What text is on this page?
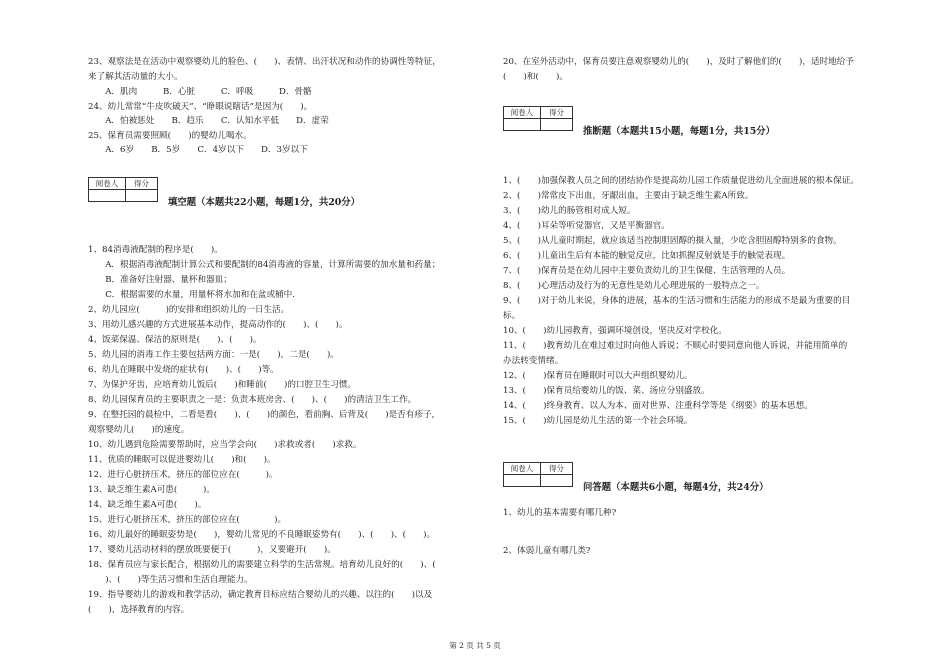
23、观察法是在活动中观察婴幼儿的脸色、(　　)、表情、出汗状况和动作的协调性等特征，
来了解其活动量的大小。
　　A．肌肉　　　B．心脏　　　C．呼吸　　　D．骨骼
24、幼儿常常“牛皮吹破天”、“睁眼说瞎话”是因为(　　)。
　　A．怕被惩处　　B．趋乐　　C．认知水平低　　D．虚荣
25、保育员需要照顾(　　)的婴幼儿喝水。
　　A．6岁　　B．5岁　　C．4岁以下　　D．3岁以下
阅卷人	得分
填空题（本题共22小题，每题1分，共20分）
1、84消毒液配制的程序是(　　)。
　　A．根据消毒液配制计算公式和要配制的84消毒液的容量，计算所需要的加水量和药量；
　　B．准备好注射器、量杯和器皿；
　　C．根据需要的水量，用量杯将水加和在盆或桶中.
2、幼儿园应(　　　)的安排和组织幼儿的一日生活。
3、用幼儿感兴趣的方式进展基本动作，提高动作的(　　)、(　　)。
4、饭菜保温、保洁的原则是(　　)、(　　)。
5、幼儿园的消毒工作主要包括两方面：一是(　　)，二是(　　)。
6、幼儿在睡眠中发烧的症状有(　　)、(　　)等。
7、为保护牙齿，应培育幼儿饭后(　　)和睡前(　　)的口腔卫生习惯。
8、幼儿园保育员的主要职责之一是：负责本班房舍、(　　)、(　　)的清洁卫生工作。
9、在整托园的晨检中，二看是看(　　)、(　　)的颜色，看前胸、后背及(　　)是否有疹子，
观察婴幼儿(　　)的速度。
10、幼儿遇到危险需要帮助时，应当学会向(　　)求救或者(　　)求救。
11、优质的睡眠可以促进婴幼儿(　　)和(　　)。
12、进行心脏挤压术，挤压的部位应在(　　　)。
13、缺乏维生素A可患(　　　)。
14、缺乏维生素A可患(　　)。
15、进行心脏挤压术，挤压的部位应在(　　　　)。
16、幼儿最好的睡眠姿势是(　　)，婴幼儿常见的不良睡眠姿势有(　　)、(　　)、(　　)。
17、婴幼儿活动材料的摆放既要便于(　　　)，又要避开(　　)。
18、保育员应与家长配合，根据幼儿的需要建立科学的生活常规。培育幼儿良好的(　　)、(
　　)、(　　)等生活习惯和生活自理能力。
19、指导婴幼儿的游戏和教学活动，确定教育目标应结合婴幼儿的兴趣、以往的(　　)以及
(　　)，选择教育的内容。
20、在室外活动中，保育员要注意观察婴幼儿的(　　)，及时了解他们的(　　)，适时地给予
(　　)和(　　)。
阅卷人	得分
推断题（本题共15小题，每题1分，共15分）
1、(　　)加强保教人员之间的团结协作是提高幼儿园工作质量促进幼儿全面进展的根本保证。
2、(　　)常常皮下出血，牙龈出血，主要由于缺乏维生素A所致。
3、(　　)幼儿的肠管相对成人短。
4、(　　)耳朵等听觉器官，又是平衡器官。
5、(　　)从儿童时期起，就应该适当控制胆固醇的摄入量，少吃含胆固醇特别多的食物。
6、(　　)儿童出生后有本能的触觉反应，比如抓握反射就是手的触觉表现。
7、(　　)保育员是在幼儿园中主要负责幼儿的卫生保健、生活管理的人员。
8、(　　)心理活动及行为的无意性是幼儿心理进展的一般特点之一。
9、(　　)对于幼儿来说，身体的进展，基本的生活习惯和生活能力的形成不是最为重要的目
标。
10、(　　)幼儿园教育，强调环境创设，坚决反对学校化。
11、(　　)教育幼儿在难过难过时向他人诉说；不顺心时要同意向他人诉说，并能用简单的
办法转变情绪。
12、(　　)保育员在睡眠时可以大声组织婴幼儿。
13、(　　)保育员给婴幼儿的饭、菜、汤应分别盛放。
14、(　　)终身教育、以人为本、面对世界、注重科学等是《纲要》的基本思想。
15、(　　)幼儿园是幼儿生活的第一个社会环境。
阅卷人	得分
问答题（本题共6小题，每题4分，共24分）
1、幼儿的基本需要有哪几种?
2、体弱儿童有哪几类?
第 2 页 共 5 页
